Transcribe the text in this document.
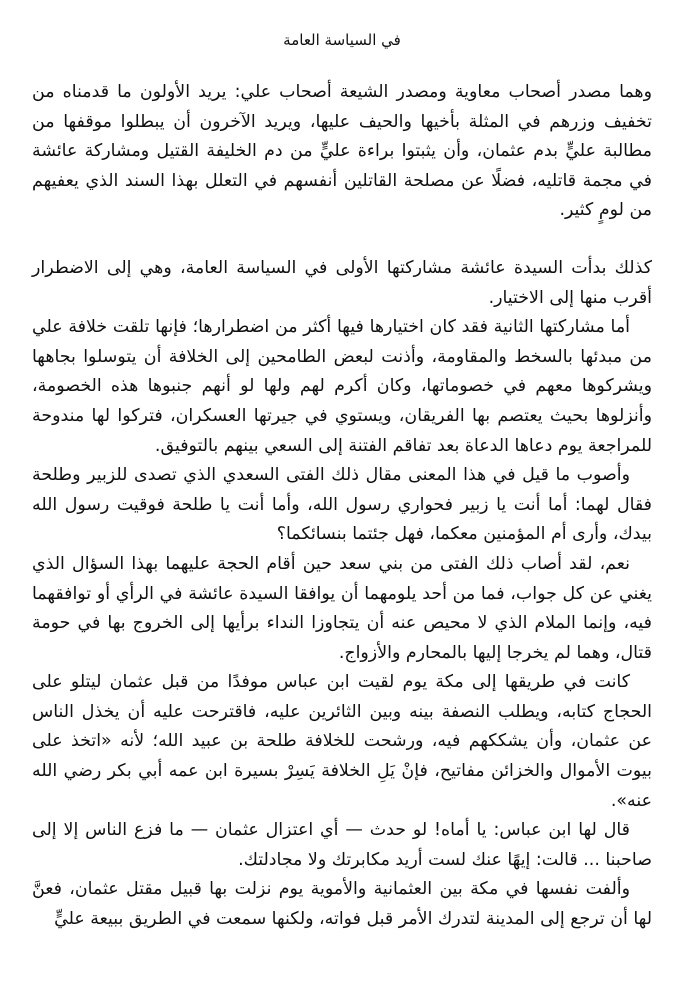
في السياسة العامة

وهما مصدر أصحاب معاوية ومصدر الشيعة أصحاب علي: يريد الأولون ما قدمناه من تخفيف وزرهم في المثلة بأخيها والحيف عليها، ويريد الآخرون أن يبطلوا موقفها من مطالبة عليٍّ بدم عثمان، وأن يثبتوا براءة عليٍّ من دم الخليفة القتيل ومشاركة عائشة في مجمة قاتليه، فضلًا عن مصلحة القاتلين أنفسهم في التعلل بهذا السند الذي يعفيهم من لومٍ كثير.

كذلك بدأت السيدة عائشة مشاركتها الأولى في السياسة العامة، وهي إلى الاضطرار أقرب منها إلى الاختيار.

أما مشاركتها الثانية فقد كان اختيارها فيها أكثر من اضطرارها؛ فإنها تلقت خلافة علي من مبدئها بالسخط والمقاومة، وأذنت لبعض الطامحين إلى الخلافة أن يتوسلوا بجاهها ويشركوها معهم في خصوماتها، وكان أكرم لهم ولها لو أنهم جنبوها هذه الخصومة، وأنزلوها بحيث يعتصم بها الفريقان، ويستوي في جيرتها العسكران، فتركوا لها مندوحة للمراجعة يوم دعاها الدعاة بعد تفاقم الفتنة إلى السعي بينهم بالتوفيق.

وأصوب ما قيل في هذا المعنى مقال ذلك الفتى السعدي الذي تصدى للزبير وطلحة فقال لهما: أما أنت يا زبير فحواري رسول الله، وأما أنت يا طلحة فوقيت رسول الله بيدك، وأرى أم المؤمنين معكما، فهل جئتما بنسائكما؟

نعم، لقد أصاب ذلك الفتى من بني سعد حين أقام الحجة عليهما بهذا السؤال الذي يغني عن كل جواب، فما من أحد يلومهما أن يوافقا السيدة عائشة في الرأي أو توافقهما فيه، وإنما الملام الذي لا محيص عنه أن يتجاوزا النداء برأيها إلى الخروج بها في حومة قتال، وهما لم يخرجا إليها بالمحارم والأزواج.

كانت في طريقها إلى مكة يوم لقيت ابن عباس موفدًا من قبل عثمان ليتلو على الحجاج كتابه، ويطلب النصفة بينه وبين الثائرين عليه، فاقترحت عليه أن يخذل الناس عن عثمان، وأن يشككهم فيه، ورشحت للخلافة طلحة بن عبيد الله؛ لأنه «اتخذ على بيوت الأموال والخزائن مفاتيح، فإنْ يَلِ الخلافة يَسِرْ بسيرة ابن عمه أبي بكر رضي الله عنه».

قال لها ابن عباس: يا أماه! لو حدث — أي اعتزال عثمان — ما فزع الناس إلا إلى صاحبنا ... قالت: إيهًا عنك لست أريد مكابرتك ولا مجادلتك.

وألفت نفسها في مكة بين العثمانية والأموية يوم نزلت بها قبيل مقتل عثمان، فعنَّ لها أن ترجع إلى المدينة لتدرك الأمر قبل فواته، ولكنها سمعت في الطريق ببيعة عليٍّ
